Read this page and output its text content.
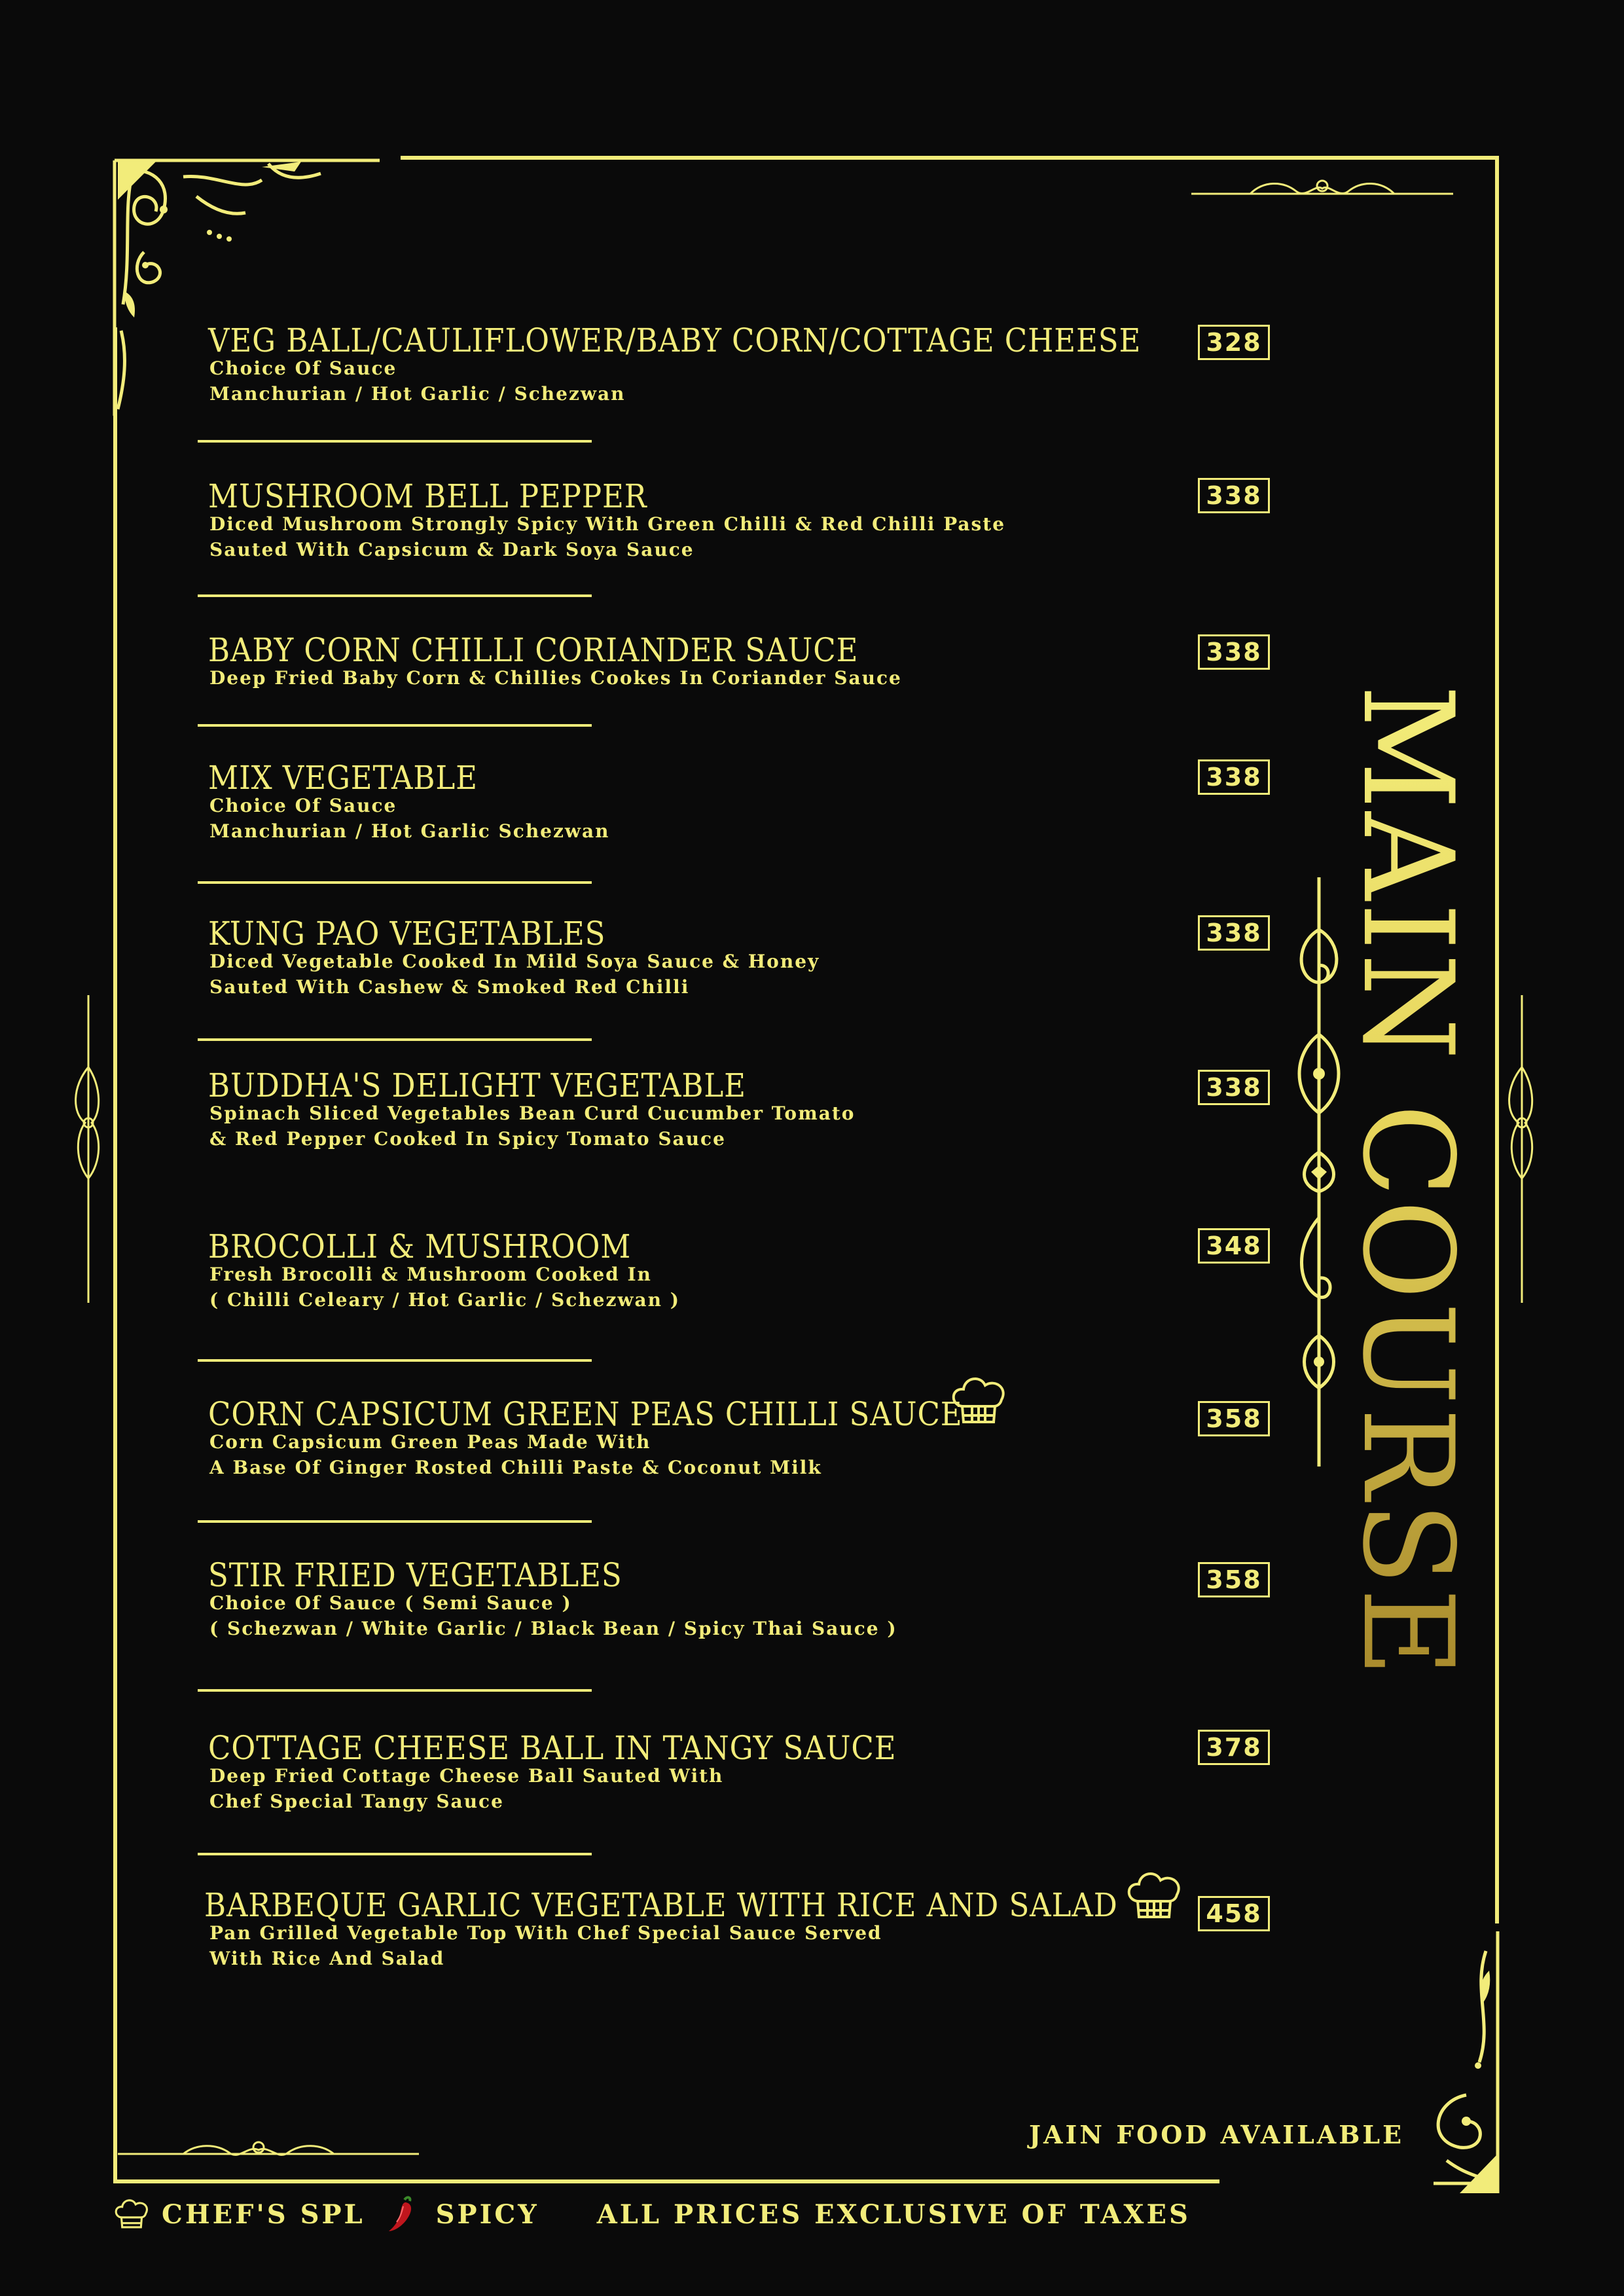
MAIN COURSE
VEG BALL/CAULIFLOWER/BABY CORN/COTTAGE CHEESE
Choice Of Sauce
Manchurian / Hot Garlic / Schezwan
328
MUSHROOM BELL PEPPER
Diced Mushroom Strongly Spicy With Green Chilli & Red Chilli Paste
Sauted With Capsicum & Dark Soya Sauce
338
BABY CORN CHILLI CORIANDER SAUCE
Deep Fried Baby Corn & Chillies Cookes In Coriander Sauce
338
MIX VEGETABLE
Choice Of Sauce
Manchurian / Hot Garlic Schezwan
338
KUNG PAO VEGETABLES
Diced Vegetable Cooked In Mild Soya Sauce & Honey
Sauted With Cashew & Smoked Red Chilli
338
BUDDHA'S DELIGHT VEGETABLE
Spinach Sliced Vegetables Bean Curd Cucumber Tomato
& Red Pepper Cooked In Spicy Tomato Sauce
338
BROCOLLI & MUSHROOM
Fresh Brocolli & Mushroom Cooked In
( Chilli Celeary / Hot Garlic / Schezwan )
348
CORN CAPSICUM GREEN PEAS CHILLI SAUCE
Corn Capsicum Green Peas Made With
A Base Of Ginger Rosted Chilli Paste & Coconut Milk
358
STIR FRIED VEGETABLES
Choice Of Sauce ( Semi Sauce )
( Schezwan / White Garlic / Black Bean / Spicy Thai Sauce )
358
COTTAGE CHEESE BALL IN TANGY SAUCE
Deep Fried Cottage Cheese Ball Sauted With
Chef Special Tangy Sauce
378
BARBEQUE GARLIC VEGETABLE WITH RICE AND SALAD
Pan Grilled Vegetable Top With Chef Special Sauce Served
With Rice And Salad
458
JAIN FOOD AVAILABLE
CHEF'S SPL	SPICY ALL PRICES EXCLUSIVE OF TAXES
